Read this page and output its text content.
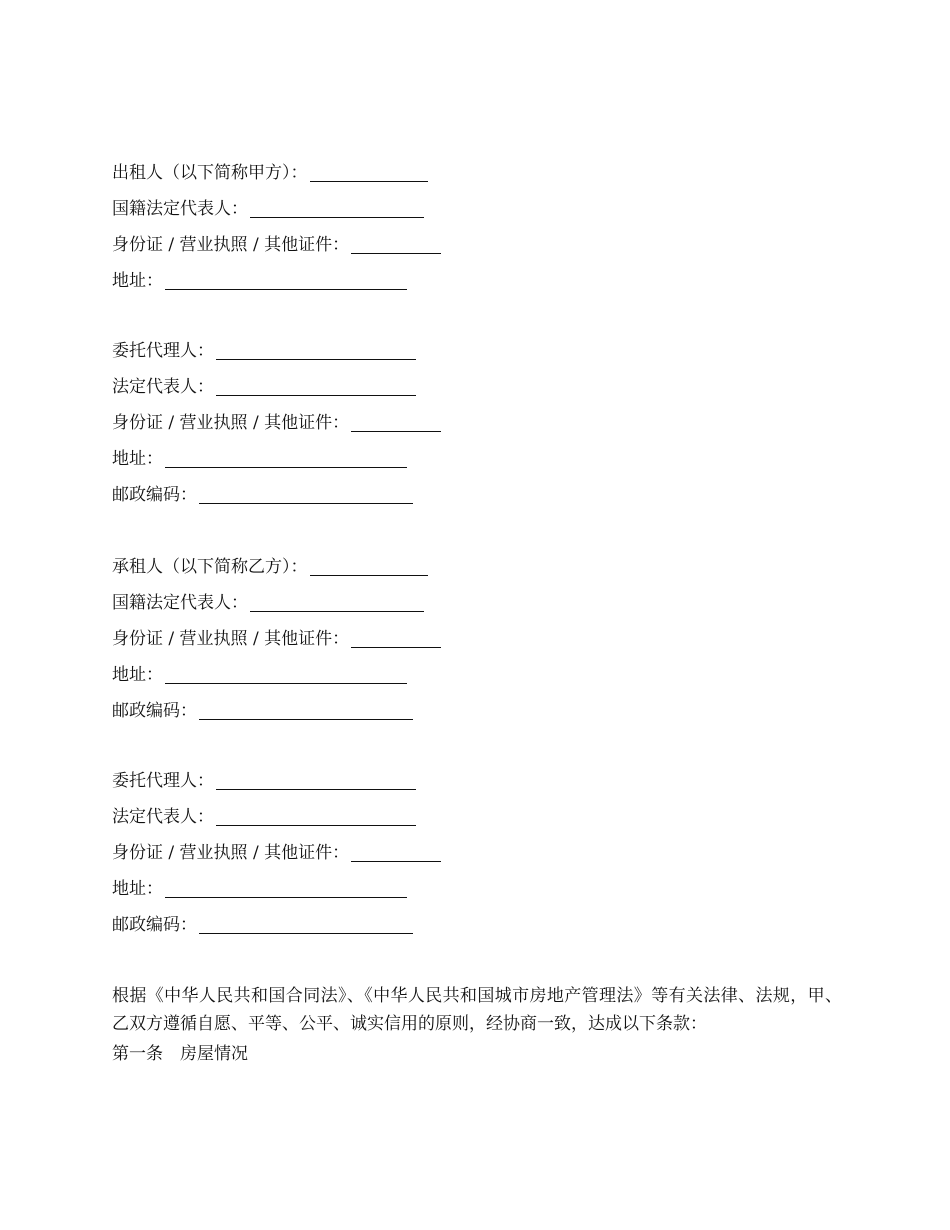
出租人（以下简称甲方）：
国籍法定代表人：
身份证 / 营业执照 / 其他证件：
地址：
委托代理人：
法定代表人：
身份证 / 营业执照 / 其他证件：
地址：
邮政编码：
承租人（以下简称乙方）：
国籍法定代表人：
身份证 / 营业执照 / 其他证件：
地址：
邮政编码：
委托代理人：
法定代表人：
身份证 / 营业执照 / 其他证件：
地址：
邮政编码：
根据《中华人民共和国合同法》、《中华人民共和国城市房地产管理法》等有关法律、法规，甲、乙双方遵循自愿、平等、公平、诚实信用的原则，经协商一致，达成以下条款：
第一条　房屋情况
